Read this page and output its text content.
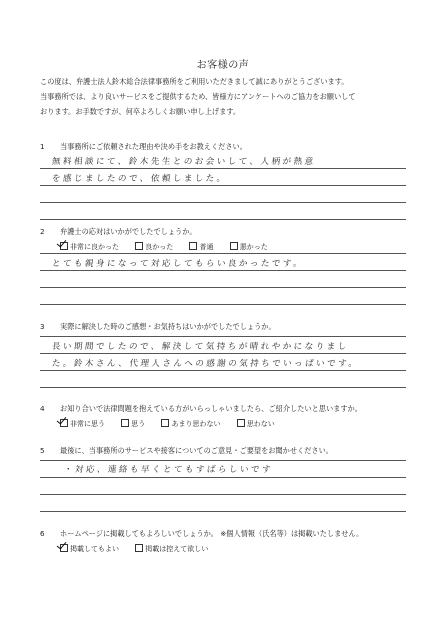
お客様の声
この度は、弁護士法人鈴木総合法律事務所をご利用いただきまして誠にありがとうございます。
当事務所では、より良いサービスをご提供するため、皆様方にアンケートへのご協力をお願いして
おります。お手数ですが、何卒よろしくお願い申し上げます。
1 当事務所にご依頼された理由や決め手をお教えください。
無料相談にて、鈴木先生とのお会いして、人柄が熱意
を感じましたので、依頼しました。
2 弁護士の応対はいかがでしたでしょうか。
非常に良かった	良かった	普通	悪かった
とても親身になって対応してもらい良かったです。
3 実際に解決した時のご感想・お気持ちはいかがでしたでしょうか。
長い期間でしたので、解決して気持ちが晴れやかになりまし
た。鈴木さん、代理人さんへの感謝の気持ちでいっぱいです。
4 お知り合いで法律問題を抱えている方がいらっしゃいましたら、ご紹介したいと思いますか。
非常に思う	思う	あまり思わない	思わない
5 最後に、当事務所のサービスや接客についてのご意見・ご要望をお聞かせください。
・対応、連絡も早くとてもすばらしいです
6 ホームページに掲載してもよろしいでしょうか。 ※個人情報（氏名等）は掲載いたしません。
掲載してもよい	掲載は控えて欲しい
